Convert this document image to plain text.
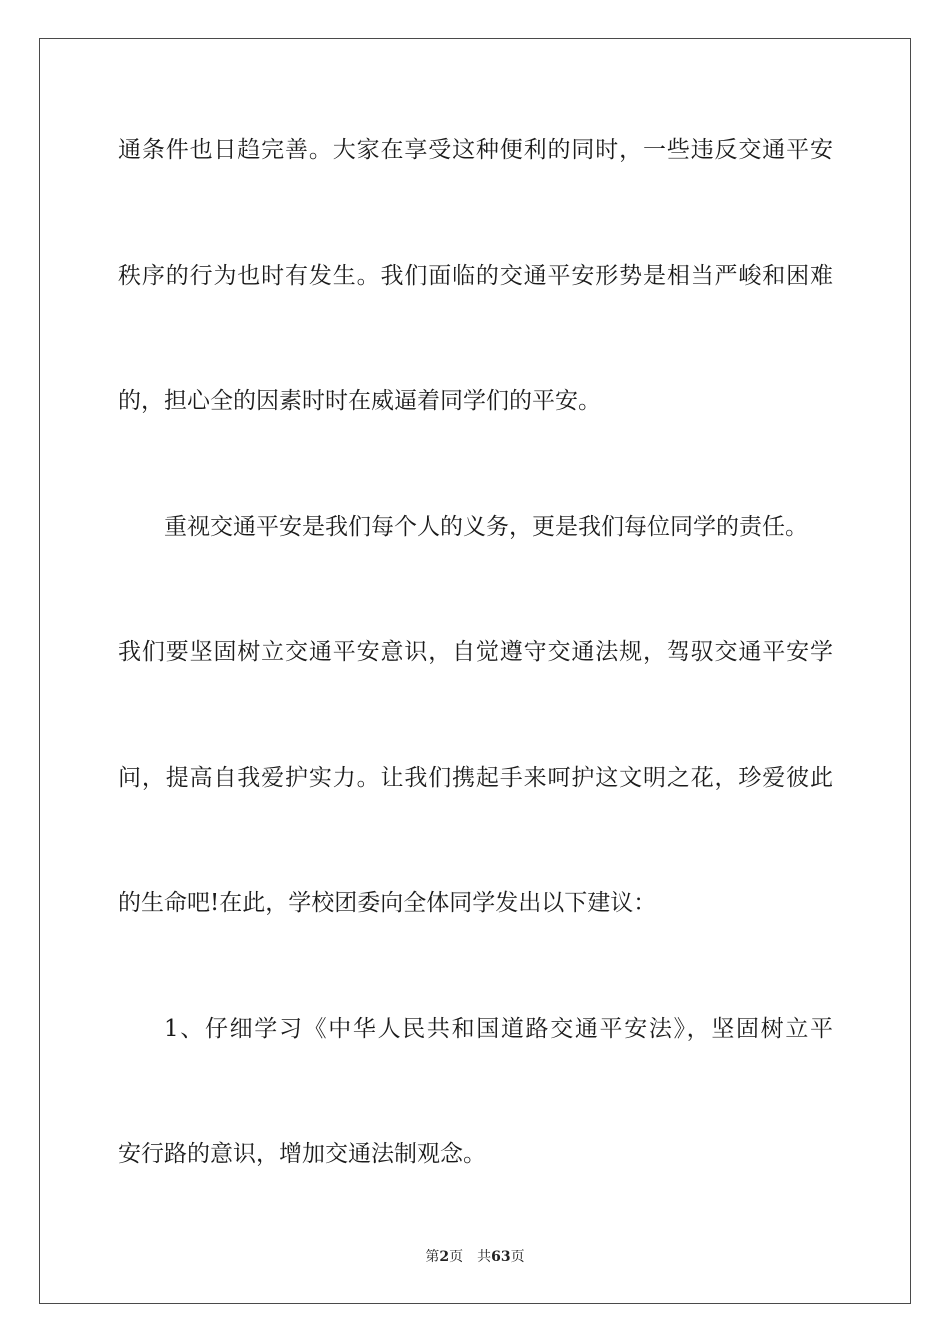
通条件也日趋完善。大家在享受这种便利的同时，一些违反交通平安
秩序的行为也时有发生。我们面临的交通平安形势是相当严峻和困难
的，担心全的因素时时在威逼着同学们的平安。
重视交通平安是我们每个人的义务，更是我们每位同学的责任。
我们要坚固树立交通平安意识，自觉遵守交通法规，驾驭交通平安学
问，提高自我爱护实力。让我们携起手来呵护这文明之花，珍爱彼此
的生命吧!在此，学校团委向全体同学发出以下建议：
1、仔细学习《中华人民共和国道路交通平安法》，坚固树立平
安行路的意识，增加交通法制观念。
第2页 共63页
